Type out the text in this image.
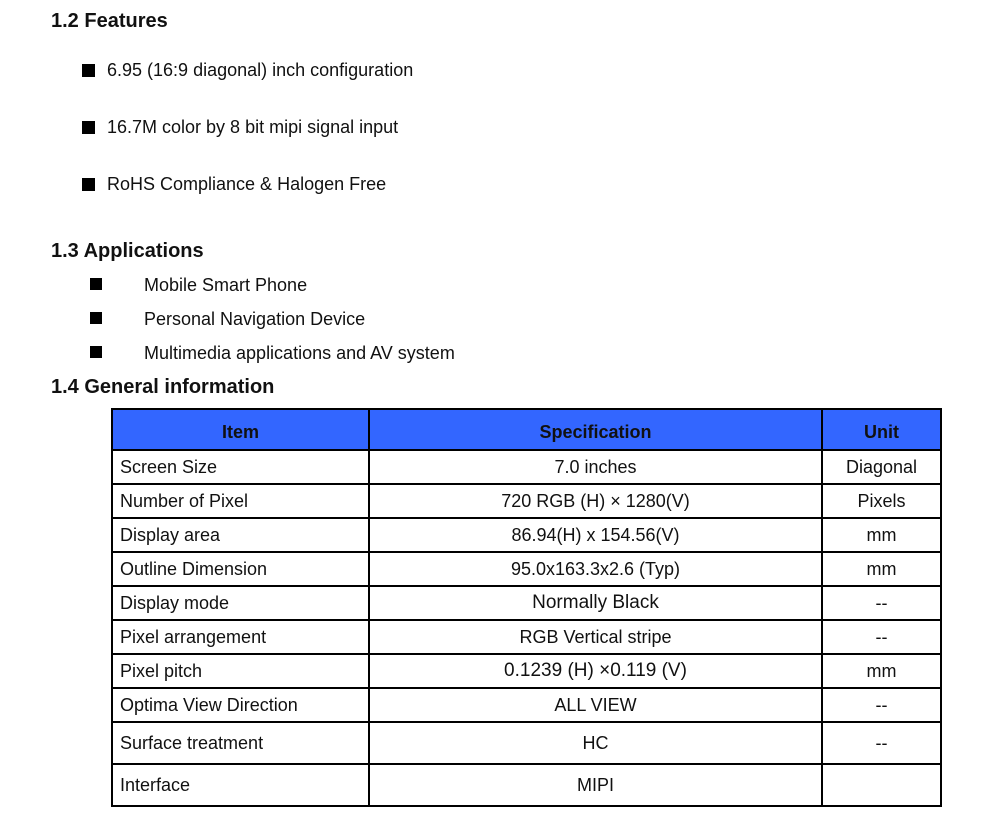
1.2 Features
6.95 (16:9 diagonal) inch configuration
16.7M color by 8 bit mipi signal input
RoHS Compliance & Halogen Free
1.3 Applications
Mobile Smart Phone
Personal Navigation Device
Multimedia applications and AV system
1.4 General information
Item	Specification	Unit
Screen Size	7.0 inches	Diagonal
Number of Pixel	720 RGB (H) × 1280(V)	Pixels
Display area	86.94(H) x 154.56(V)	mm
Outline Dimension	95.0x163.3x2.6 (Typ)	mm
Display mode	Normally Black	--
Pixel arrangement	RGB Vertical stripe	--
Pixel pitch	0.1239 (H) ×0.119 (V)	mm
Optima View Direction	ALL VIEW	--
Surface treatment	HC	--
Interface	MIPI	
